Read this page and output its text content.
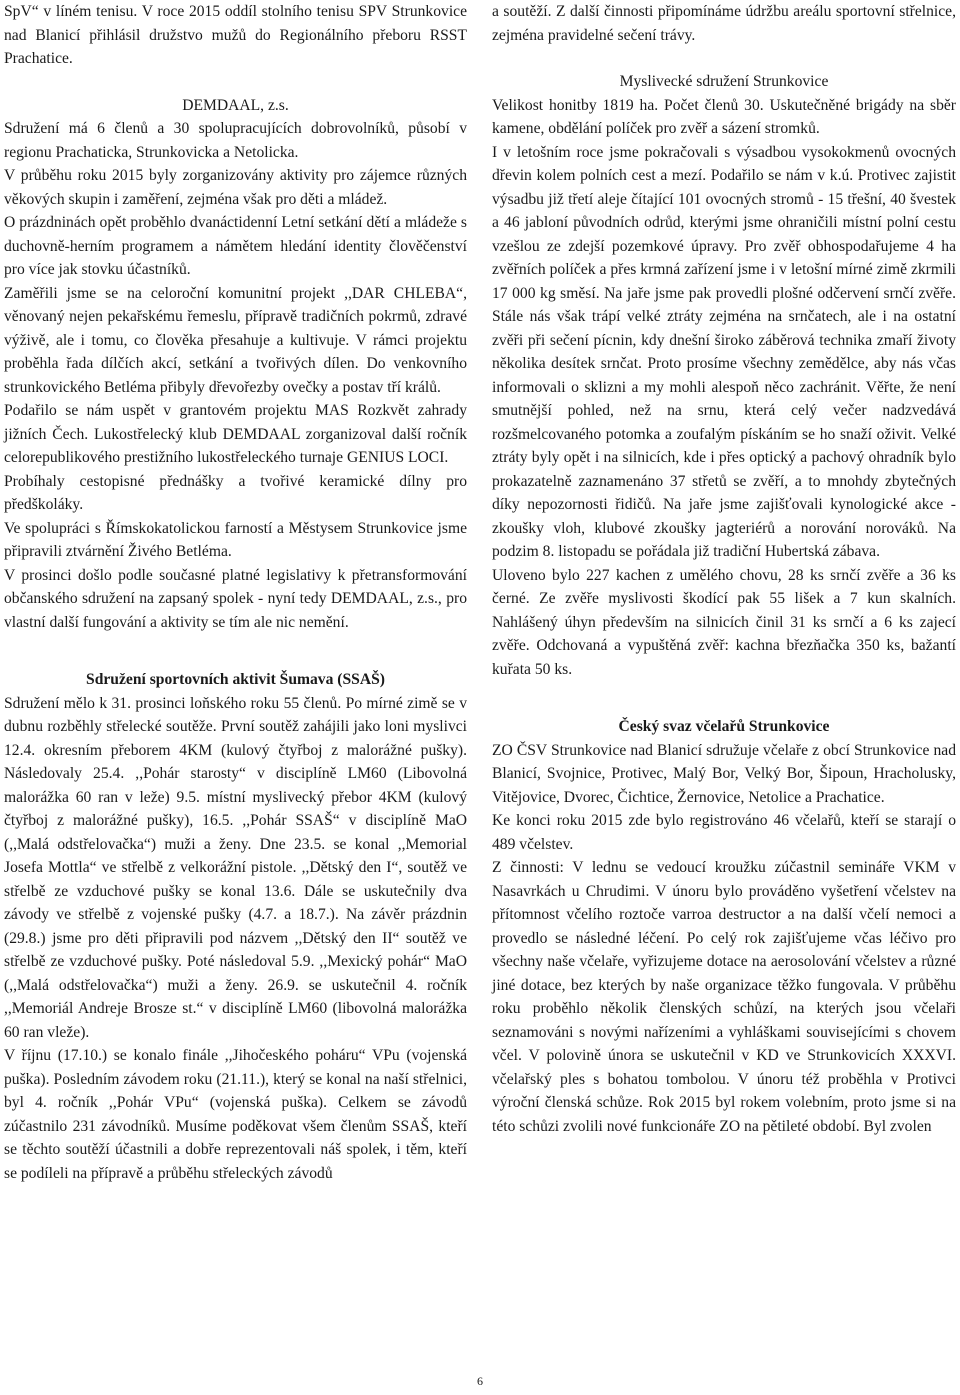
SpV“ v líném tenisu. V roce 2015 oddíl stolního tenisu SPV Strunkovice nad Blanicí přihlásil družstvo mužů do Regionálního přeboru RSST Prachatice.

DEMDAAL, z.s.

Sdružení má 6 členů a 30 spolupracujících dobrovolníků, působí v regionu Prachaticka, Strunkovicka a Netolicka.

V průběhu roku 2015 byly zorganizovány aktivity pro zájemce různých věkových skupin i zaměření, zejména však pro děti a mládež.

O prázdninách opět proběhlo dvanáctidenní Letní setkání dětí a mládeže s duchovně-herním programem a námětem hledání identity člověčenství pro více jak stovku účastníků.

Zaměřili jsme se na celoroční komunitní projekt ,,DAR CHLEBA“, věnovaný nejen pekařskému řemeslu, přípravě tradičních pokrmů, zdravé výživě, ale i tomu, co člověka přesahuje a kultivuje. V rámci projektu proběhla řada dílčích akcí, setkání a tvořivých dílen. Do venkovního strunkovického Betléma přibyly dřevořezby ovečky a postav tří králů.

Podařilo se nám uspět v grantovém projektu MAS Rozkvět zahrady jižních Čech. Lukostřelecký klub DEMDAAL zorganizoval další ročník celorepublikového prestižního lukostřeleckého turnaje GENIUS LOCI.

Probíhaly cestopisné přednášky a tvořivé keramické dílny pro předškoláky.

Ve spolupráci s Římskokatolickou farností a Městysem Strunkovice jsme připravili ztvárnění Živého Betléma.

V prosinci došlo podle současné platné legislativy k přetransformování občanského sdružení na zapsaný spolek - nyní tedy DEMDAAL, z.s., pro vlastní další fungování a aktivity se tím ale nic nemění.

Sdružení sportovních aktivit Šumava (SSAŠ)

Sdružení mělo k 31. prosinci loňského roku 55 členů. Po mírné zimě se v dubnu rozběhly střelecké soutěže. První soutěž zahájili jako loni myslivci 12.4. okresním přeborem 4KM (kulový čtyřboj z malorážné pušky). Následovaly 25.4. ,,Pohár starosty“ v disciplíně LM60 (Libovolná malorážka 60 ran v leže) 9.5. místní myslivecký přebor 4KM (kulový čtyřboj z malorážné pušky), 16.5. ,,Pohár SSAŠ“ v disciplíně MaO (,,Malá odstřelovačka“) muži a ženy. Dne 23.5. se konal ,,Memorial Josefa Mottla“ ve střelbě z velkorážní pistole. ,,Dětský den I“, soutěž ve střelbě ze vzduchové pušky se konal 13.6. Dále se uskutečnily dva závody ve střelbě z vojenské pušky (4.7. a 18.7.). Na závěr prázdnin (29.8.) jsme pro děti připravili pod názvem ,,Dětský den II“ soutěž ve střelbě ze vzduchové pušky. Poté následoval 5.9. ,,Mexický pohár“ MaO (,,Malá odstřelovačka“) muži a ženy. 26.9. se uskutečnil 4. ročník ,,Memoriál Andreje Brosze st.“ v disciplíně LM60 (libovolná malorážka 60 ran vleže).

V říjnu (17.10.) se konalo finále ,,Jihočeského poháru“ VPu (vojenská puška). Posledním závodem roku (21.11.), který se konal na naší střelnici, byl 4. ročník ,,Pohár VPu“ (vojenská puška). Celkem se závodů zúčastnilo 231 závodníků. Musíme poděkovat všem členům SSAŠ, kteří se těchto soutěží účastnili a dobře reprezentovali náš spolek, i těm, kteří se podíleli na přípravě a průběhu střeleckých závodů

a soutěží. Z další činnosti připomínáme údržbu areálu sportovní střelnice, zejména pravidelné sečení trávy.

Myslivecké sdružení Strunkovice

Velikost honitby 1819 ha. Počet členů 30. Uskutečněné brigády na sběr kamene, obdělání políček pro zvěř a sázení stromků.

I v letošním roce jsme pokračovali s výsadbou vysokokmenů ovocných dřevin kolem polních cest a mezí. Podařilo se nám v k.ú. Protivec zajistit výsadbu již třetí aleje čítající 101 ovocných stromů - 15 třešní, 40 švestek a 46 jabloní původních odrůd, kterými jsme ohraničili místní polní cestu vzešlou ze zdejší pozemkové úpravy. Pro zvěř obhospodařujeme 4 ha zvěřních políček a přes krmná zařízení jsme i v letošní mírné zimě zkrmili 17 000 kg směsí. Na jaře jsme pak provedli plošné odčervení srnčí zvěře. Stále nás však trápí velké ztráty zejména na srnčatech, ale i na ostatní zvěři při sečení pícnin, kdy dnešní široko záběrová technika zmaří životy několika desítek srnčat. Proto prosíme všechny zemědělce, aby nás včas informovali o sklizni a my mohli alespoň něco zachránit. Věřte, že není smutnější pohled, než na srnu, která celý večer nadzvedává rozšmelcovaného potomka a zoufalým pískáním se ho snaží oživit. Velké ztráty byly opět i na silnicích, kde i přes optický a pachový ohradník bylo prokazatelně zaznamenáno 37 střetů se zvěří, a to mnohdy zbytečných díky nepozornosti řidičů. Na jaře jsme zajišťovali kynologické akce - zkoušky vloh, klubové zkoušky jagteriérů a norování norováků. Na podzim 8. listopadu se pořádala již tradiční Hubertská zábava.

Uloveno bylo 227 kachen z umělého chovu, 28 ks srnčí zvěře a 36 ks černé. Ze zvěře myslivosti škodící pak 55 lišek a 7 kun skalních. Nahlášený úhyn především na silnicích činil 31 ks srnčí a 6 ks zajecí zvěře. Odchovaná a vypuštěná zvěř: kachna březňačka 350 ks, bažantí kuřata 50 ks.

Český svaz včelařů Strunkovice

ZO ČSV Strunkovice nad Blanicí sdružuje včelaře z obcí Strunkovice nad Blanicí, Svojnice, Protivec, Malý Bor, Velký Bor, Šipoun, Hracholusky, Vitějovice, Dvorec, Čichtice, Žernovice, Netolice a Prachatice.

Ke konci roku 2015 zde bylo registrováno 46 včelařů, kteří se starají o 489 včelstev.

Z činnosti: V lednu se vedoucí kroužku zúčastnil semináře VKM v Nasavrkách u Chrudimi. V únoru bylo prováděno vyšetření včelstev na přítomnost včelího roztoče varroa destructor a na další včelí nemoci a provedlo se následné léčení. Po celý rok zajišťujeme včas léčivo pro všechny naše včelaře, vyřizujeme dotace na aerosolování včelstev a různé jiné dotace, bez kterých by naše organizace těžko fungovala. V průběhu roku proběhlo několik členských schůzí, na kterých jsou včelaři seznamováni s novými nařízeními a vyhláškami souvisejícími s chovem včel. V polovině února se uskutečnil v KD ve Strunkovicích XXXVI. včelařský ples s bohatou tombolou. V únoru též proběhla v Protivci výroční členská schůze. Rok 2015 byl rokem volebním, proto jsme si na této schůzi zvolili nové funkcionáře ZO na pětileté období. Byl zvolen

6
